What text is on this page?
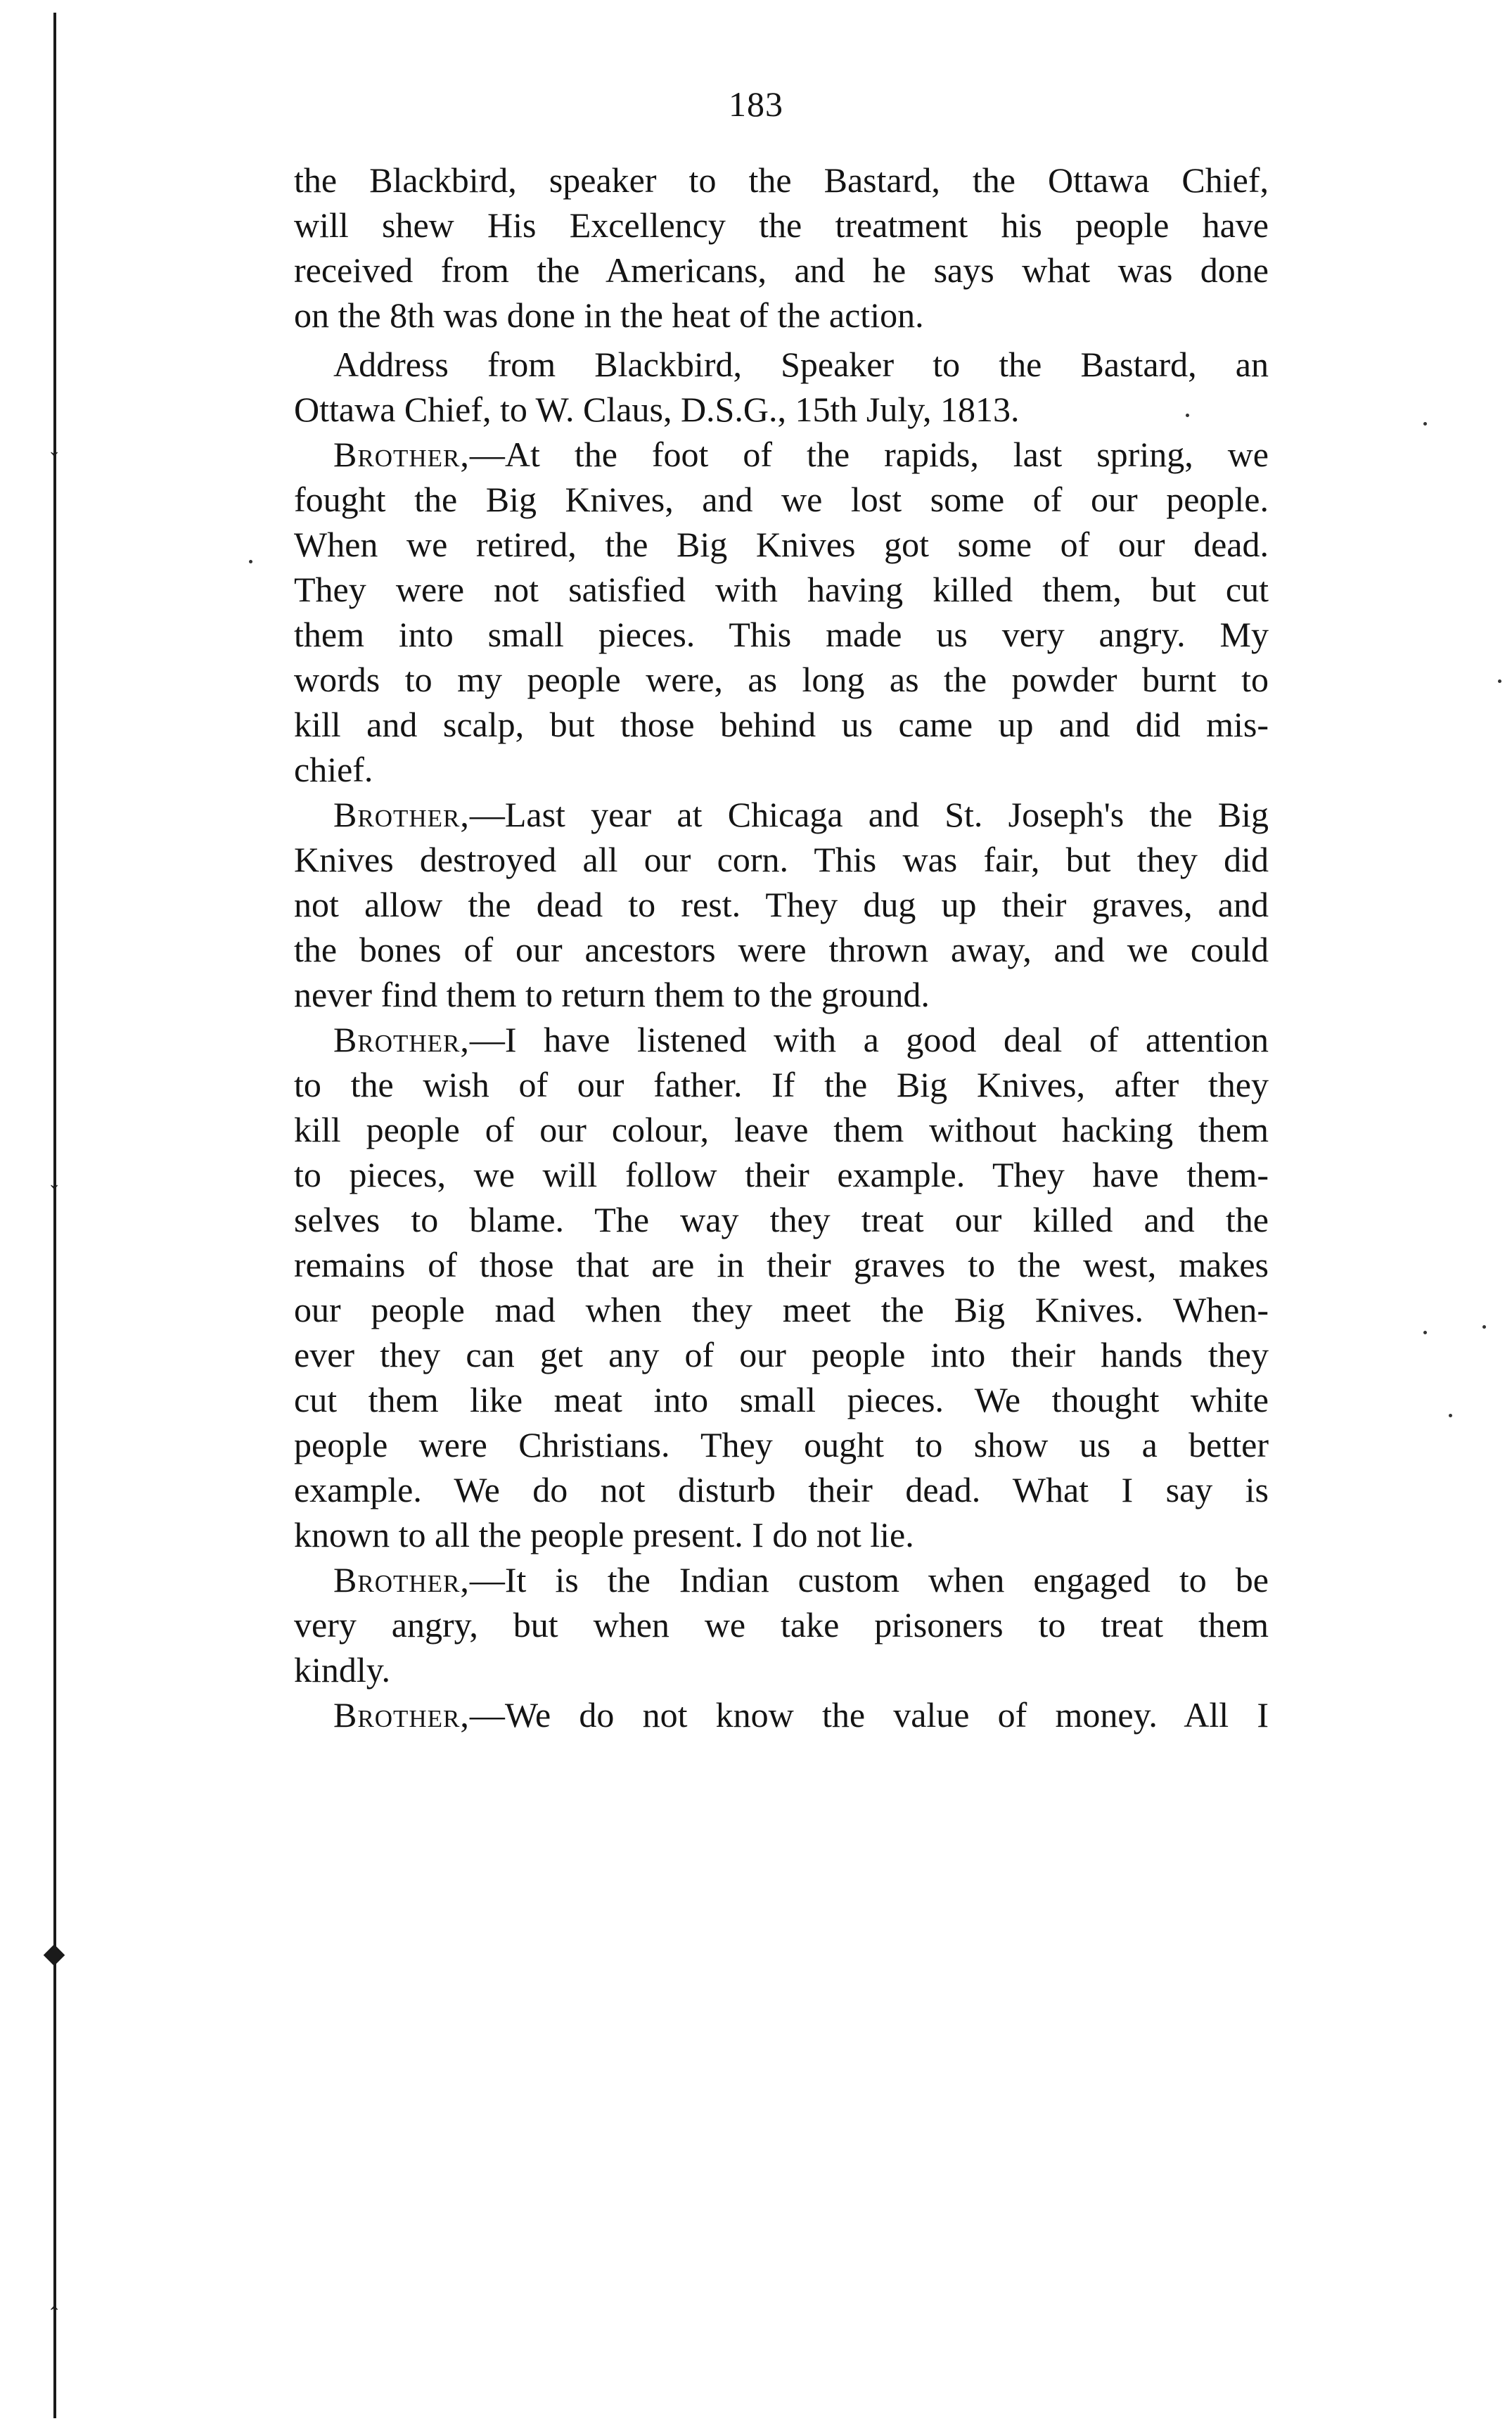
↓
↓
◆
↑
183
the Blackbird, speaker to the Bastard, the Ottawa Chief,
will shew His Excellency the treatment his people have
received from the Americans, and he says what was done
on the 8th was done in the heat of the action.
Address from Blackbird, Speaker to the Bastard, an
Ottawa Chief, to W. Claus, D.S.G., 15th July, 1813.
Brother,—At the foot of the rapids, last spring, we
fought the Big Knives, and we lost some of our people.
When we retired, the Big Knives got some of our dead.
They were not satisfied with having killed them, but cut
them into small pieces. This made us very angry. My
words to my people were, as long as the powder burnt to
kill and scalp, but those behind us came up and did mis-
chief.
Brother,—Last year at Chicaga and St. Joseph's the Big
Knives destroyed all our corn. This was fair, but they did
not allow the dead to rest. They dug up their graves, and
the bones of our ancestors were thrown away, and we could
never find them to return them to the ground.
Brother,—I have listened with a good deal of attention
to the wish of our father. If the Big Knives, after they
kill people of our colour, leave them without hacking them
to pieces, we will follow their example. They have them-
selves to blame. The way they treat our killed and the
remains of those that are in their graves to the west, makes
our people mad when they meet the Big Knives. When-
ever they can get any of our people into their hands they
cut them like meat into small pieces. We thought white
people were Christians. They ought to show us a better
example. We do not disturb their dead. What I say is
known to all the people present. I do not lie.
Brother,—It is the Indian custom when engaged to be
very angry, but when we take prisoners to treat them
kindly.
Brother,—We do not know the value of money. All I
